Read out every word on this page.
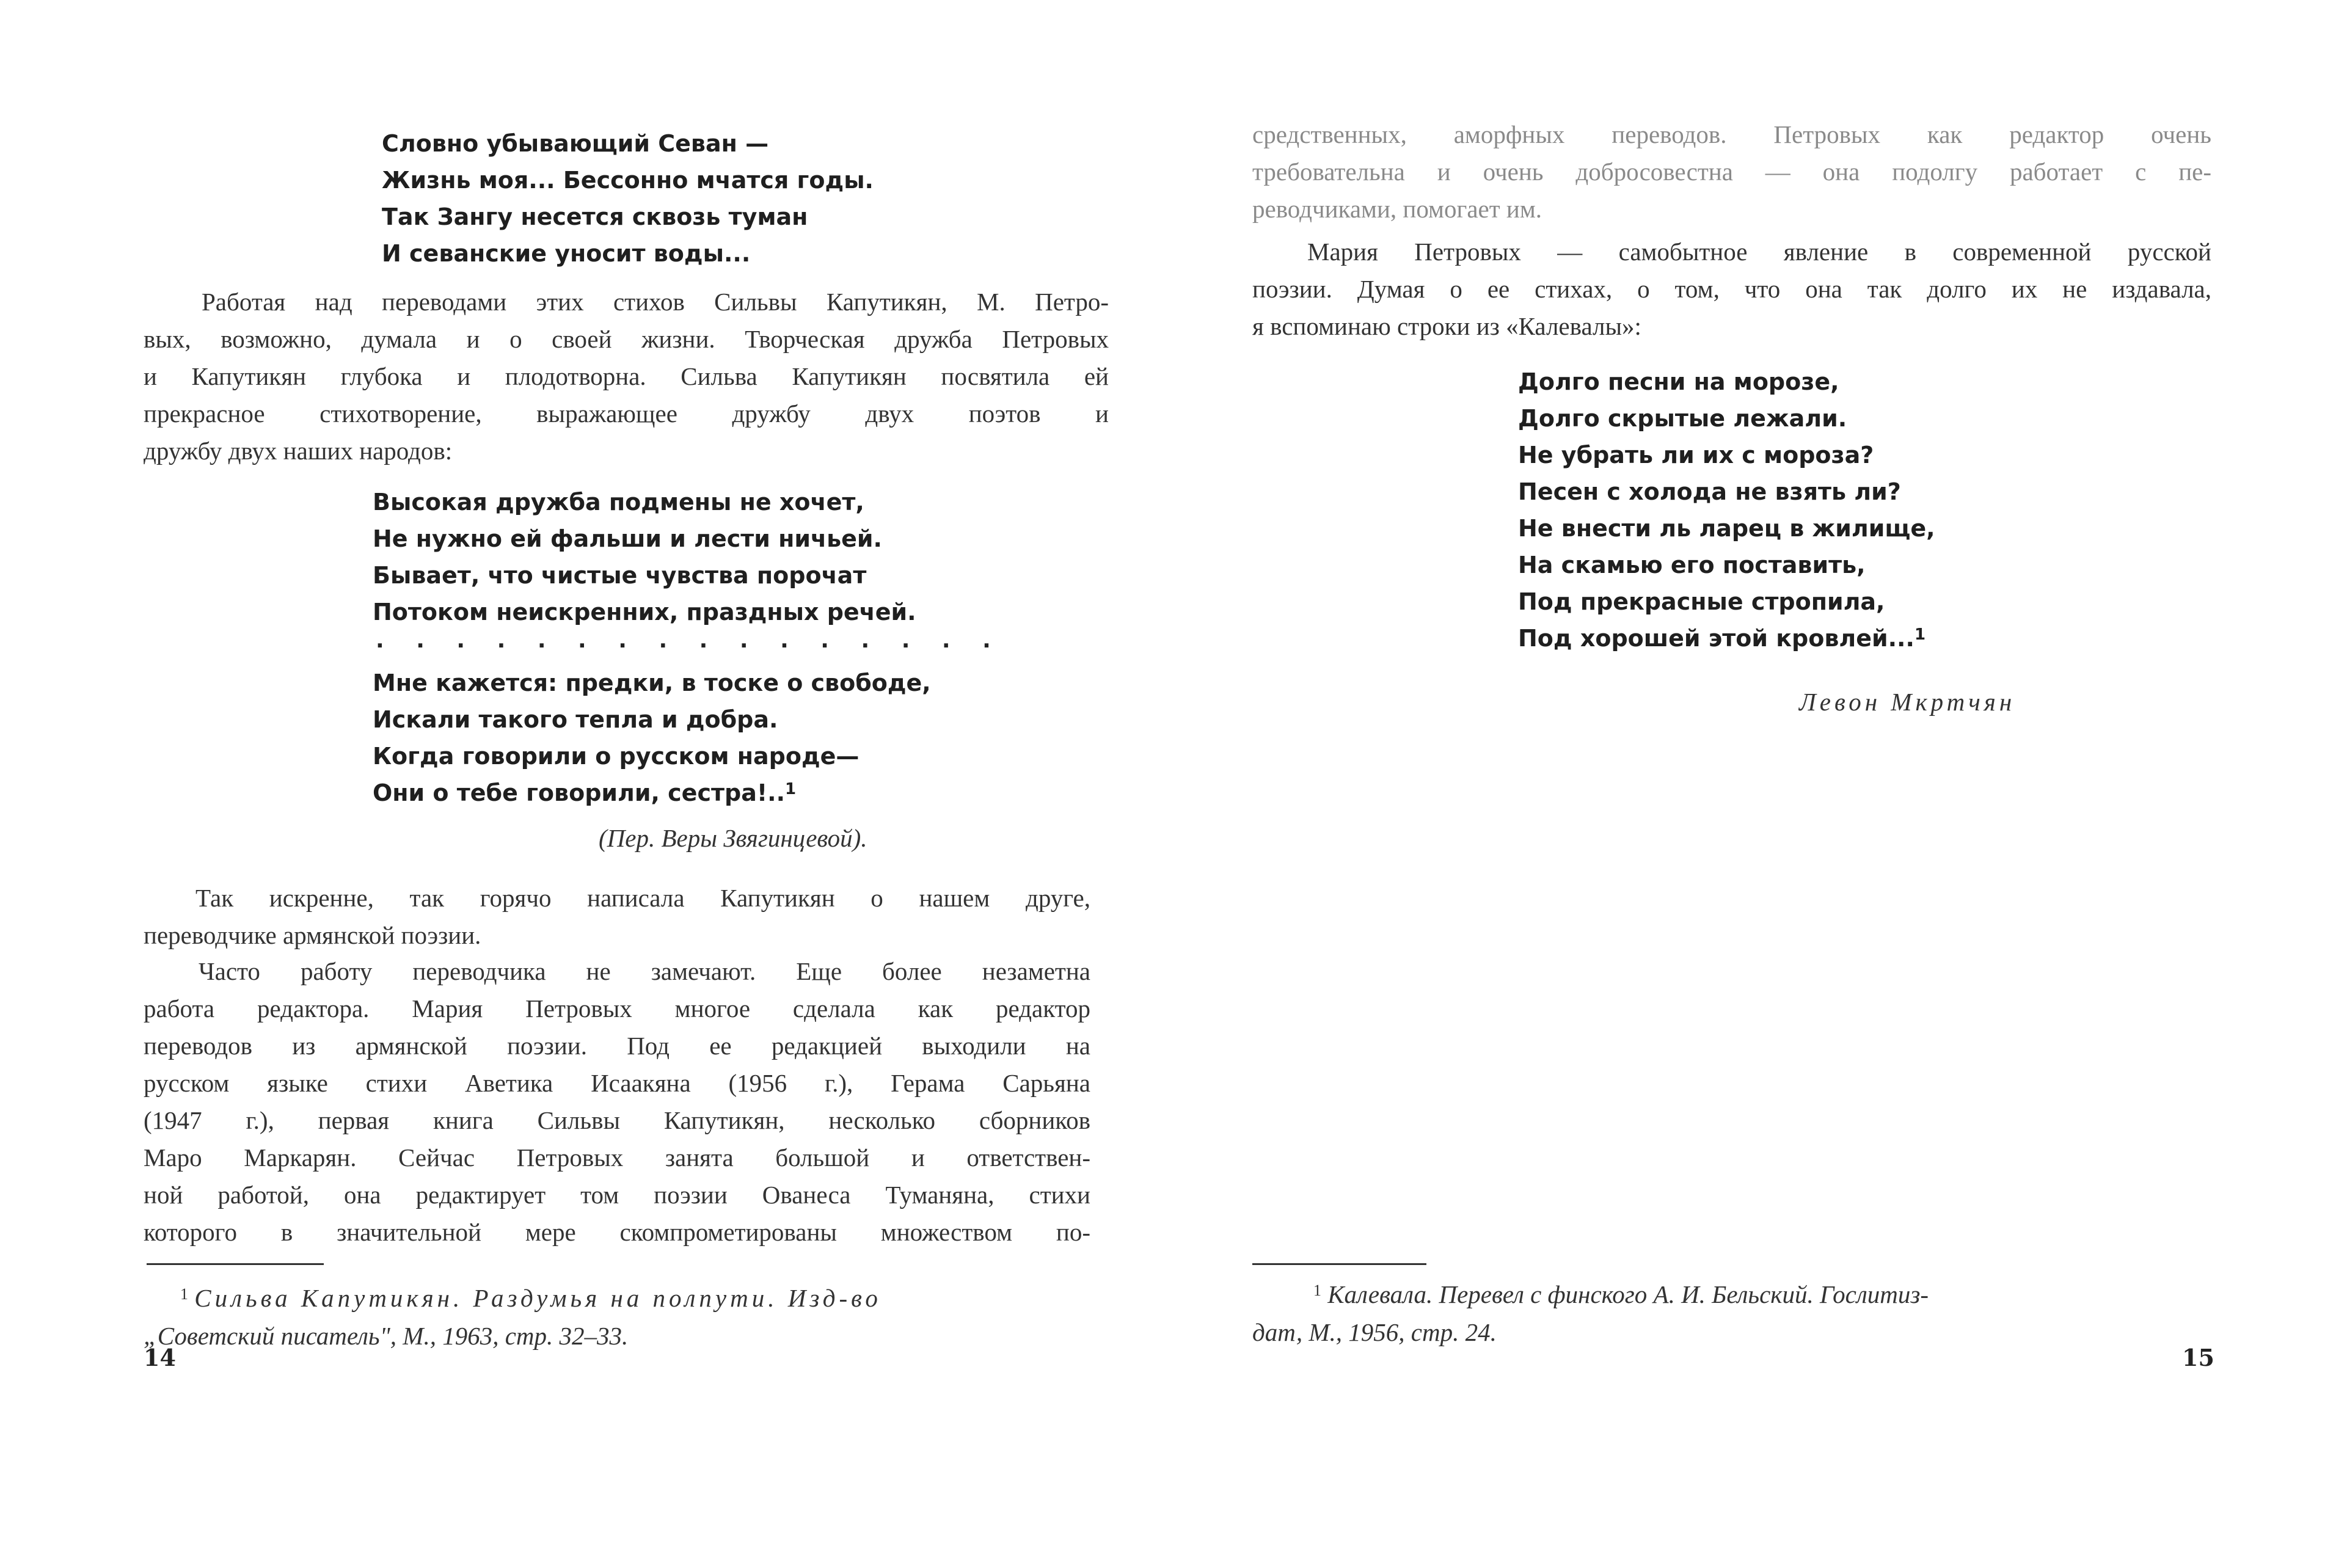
Словно убывающий Севан —
Жизнь моя... Бессонно мчатся годы.
Так Зангу несется сквозь туман
И севанские уносит воды...
Работая над переводами этих стихов Сильвы Капутикян, М. Петро-
вых, возможно, думала и о своей жизни. Творческая дружба Петровых
и Капутикян глубока и плодотворна. Сильва Капутикян посвятила ей
прекрасное стихотворение, выражающее дружбу двух поэтов и
дружбу двух наших народов:
Высокая дружба подмены не хочет,
Не нужно ей фальши и лести ничьей.
Бывает, что чистые чувства порочат
Потоком неискренних, праздных речей.
. . . . . . . . . . . . . . . .
Мне кажется: предки, в тоске о свободе,
Искали такого тепла и добра.
Когда говорили о русском народе—
Они о тебе говорили, сестра!..$^1$
(Пер. Веры Звягинцевой).
Так искренне, так горячо написала Капутикян о нашем друге,
переводчике армянской поэзии.
Часто работу переводчика не замечают. Еще более незаметна
работа редактора. Мария Петровых многое сделала как редактор
переводов из армянской поэзии. Под ее редакцией выходили на
русском языке стихи Аветика Исаакяна (1956 г.), Герама Сарьяна
(1947 г.), первая книга Сильвы Капутикян, несколько сборников
Маро Маркарян. Сейчас Петровых занята большой и ответствен-
ной работой, она редактирует том поэзии Ованеса Туманяна, стихи
которого в значительной мере скомпрометированы множеством по-
$^1$ Сильва Капутикян. Раздумья на полпути. Изд-во
„Советский писатель", М., 1963, стр. 32–33.
14
средственных, аморфных переводов. Петровых как редактор очень
требовательна и очень добросовестна — она подолгу работает с пе-
реводчиками, помогает им.
Мария Петровых — самобытное явление в современной русской
поэзии. Думая о ее стихах, о том, что она так долго их не издавала,
я вспоминаю строки из «Калевалы»:
Долго песни на морозе,
Долго скрытые лежали.
Не убрать ли их с мороза?
Песен с холода не взять ли?
Не внести ль ларец в жилище,
На скамью его поставить,
Под прекрасные стропила,
Под хорошей этой кровлей...$^1$
Левон Мкртчян
$^1$ Калевала. Перевел с финского А. И. Бельский. Гослитиз-
дат, М., 1956, стр. 24.
15
